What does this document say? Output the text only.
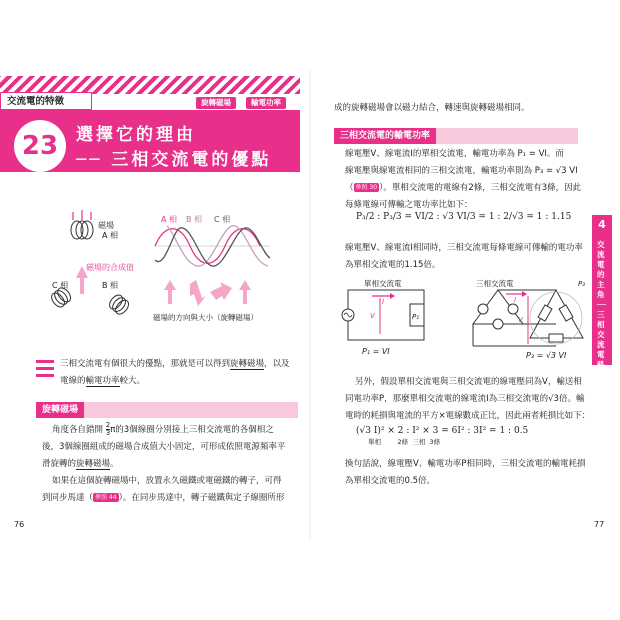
交流電的特徵	旋轉磁場	輸電功率
23	選擇它的理由
── 三相交流電的優點
磁場
A 相
C 相	B 相
磁場的合成值
A 相 B 相 C 相
磁場的方向與大小（旋轉磁場）
三相交流電有個很大的優點，那就是可以得到旋轉磁場，以及
電線的輸電功率較大。
旋轉磁場
角度各自錯開 $\frac{2}{3}\pi$的3個線圈分別接上三相交流電的各個相之
後，3個線圈組成的磁場合成值大小固定，可形成依照電源頻率平
滑旋轉的旋轉磁場。
如果在這個旋轉磁場中，放置永久磁鐵或電磁鐵的轉子，可得
到同步馬達（ 參照 44 ）。在同步馬達中，轉子磁鐵與定子線圈所形
76
成的旋轉磁場會以磁力結合，轉速與旋轉磁場相同。
三相交流電的輸電功率
線電壓V、線電流I的單相交流電，輸電功率為 P₁ = VI。而
線電壓與線電流相同的三相交流電，輸電功率則為 P₃ = √3 VI
（ 參照 30 ）。單相交流電的電線有2條，三相交流電有3條，因此
每條電線可傳輸之電功率比如下：
P₃/2 : P₃/3 = VI/2 : √3 VI/3 = 1 : 2/√3 = 1 : 1.15
線電壓V、線電流I相同時，三相交流電每條電線可傳輸的電功率
為單相交流電的1.15倍。
單相交流電
P₁
I
V
P₁ = VI
三相交流電
I
V
P₃
P₃ = √3 VI
另外，假設單相交流電與三相交流電的線電壓同為V，輸送相
同電功率P，那麼單相交流電的線電流I為三相交流電的√3倍。輸
電時的耗損與電流的平方×電線數成正比，因此兩者耗損比如下：
(√3 I)² × 2 : I² × 3 = 6I² : 3I² = 1 : 0.5
單相	2條 三相 3條
換句話說，線電壓V、輸電功率P相同時，三相交流電的輸電耗損
為單相交流電的0.5倍。
4
交流電的主角──三相交流電路
77
